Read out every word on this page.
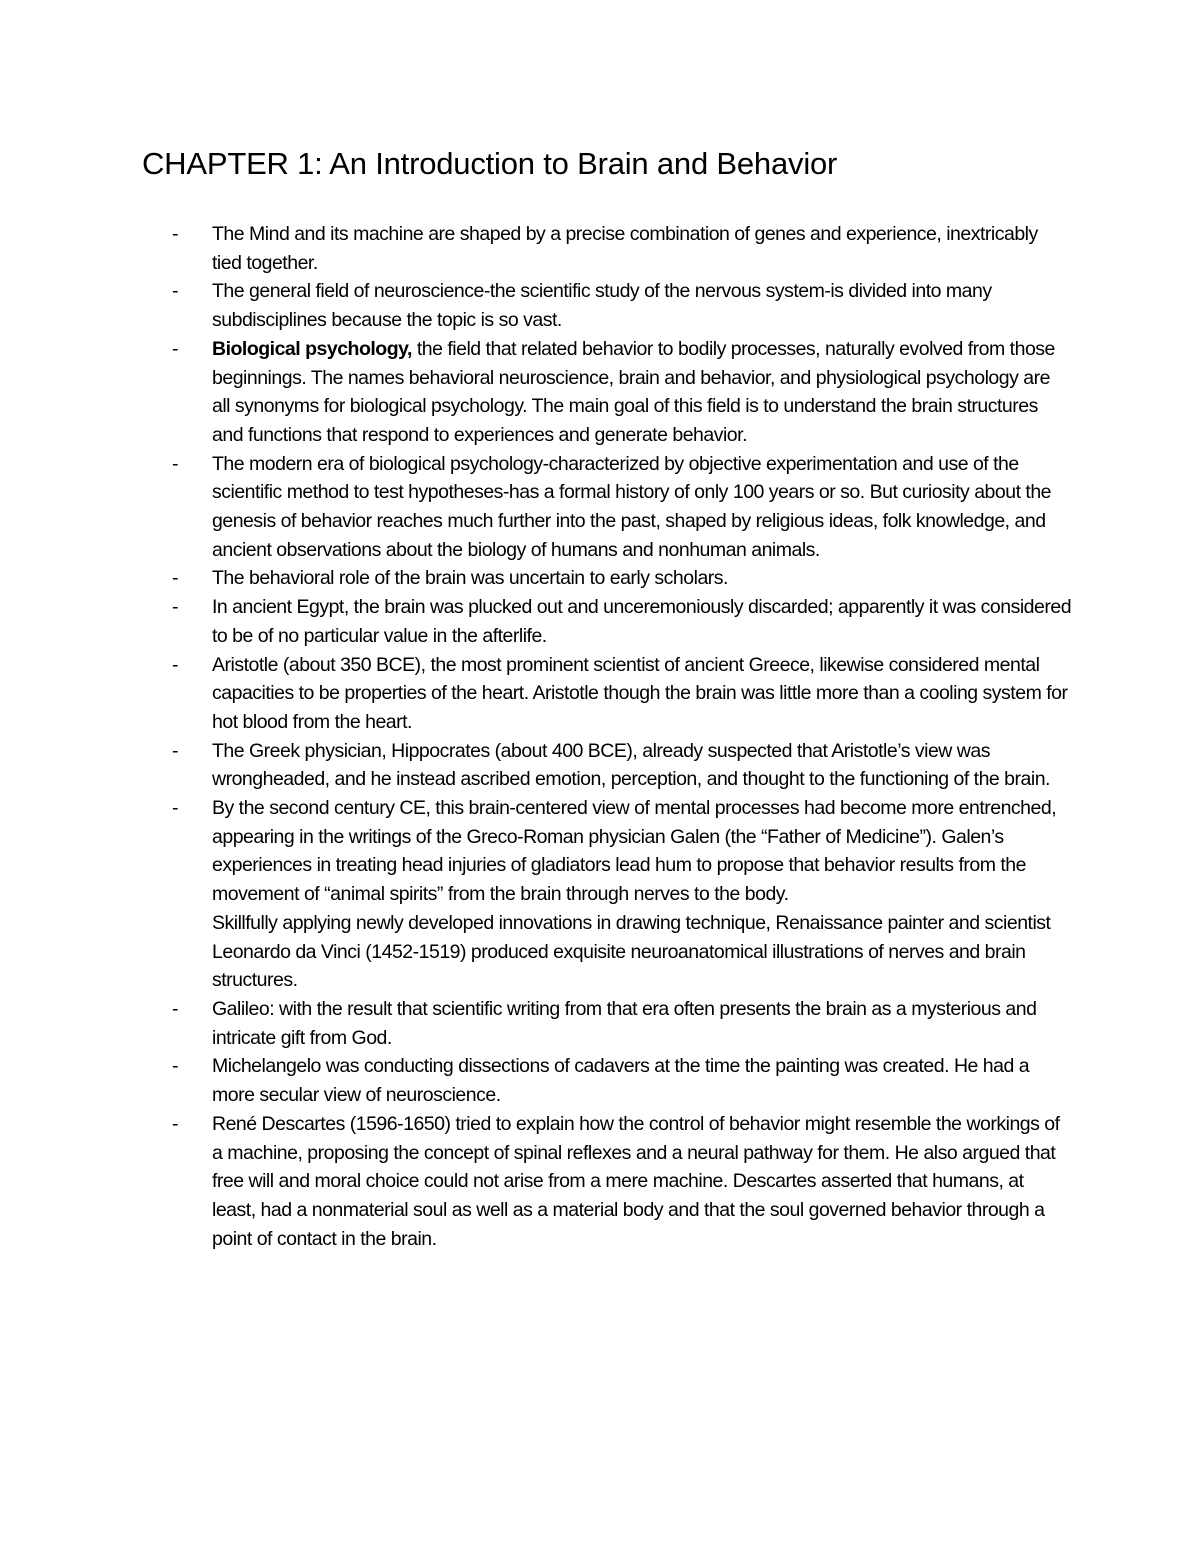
CHAPTER 1: An Introduction to Brain and Behavior
- The Mind and its machine are shaped by a precise combination of genes and experience, inextricably tied together.
- The general field of neuroscience-the scientific study of the nervous system-is divided into many subdisciplines because the topic is so vast.
- Biological psychology, the field that related behavior to bodily processes, naturally evolved from those beginnings. The names behavioral neuroscience, brain and behavior, and physiological psychology are all synonyms for biological psychology. The main goal of this field is to understand the brain structures and functions that respond to experiences and generate behavior.
- The modern era of biological psychology-characterized by objective experimentation and use of the scientific method to test hypotheses-has a formal history of only 100 years or so. But curiosity about the genesis of behavior reaches much further into the past, shaped by religious ideas, folk knowledge, and ancient observations about the biology of humans and nonhuman animals.
- The behavioral role of the brain was uncertain to early scholars.
- In ancient Egypt, the brain was plucked out and unceremoniously discarded; apparently it was considered to be of no particular value in the afterlife.
- Aristotle (about 350 BCE), the most prominent scientist of ancient Greece, likewise considered mental capacities to be properties of the heart. Aristotle though the brain was little more than a cooling system for hot blood from the heart.
- The Greek physician, Hippocrates (about 400 BCE), already suspected that Aristotle’s view was wrongheaded, and he instead ascribed emotion, perception, and thought to the functioning of the brain.
- By the second century CE, this brain-centered view of mental processes had become more entrenched, appearing in the writings of the Greco-Roman physician Galen (the “Father of Medicine”). Galen’s experiences in treating head injuries of gladiators lead hum to propose that behavior results from the movement of “animal spirits” from the brain through nerves to the body.
Skillfully applying newly developed innovations in drawing technique, Renaissance painter and scientist Leonardo da Vinci (1452-1519) produced exquisite neuroanatomical illustrations of nerves and brain structures.
- Galileo: with the result that scientific writing from that era often presents the brain as a mysterious and intricate gift from God.
- Michelangelo was conducting dissections of cadavers at the time the painting was created. He had a more secular view of neuroscience.
- René Descartes (1596-1650) tried to explain how the control of behavior might resemble the workings of a machine, proposing the concept of spinal reflexes and a neural pathway for them. He also argued that free will and moral choice could not arise from a mere machine. Descartes asserted that humans, at least, had a nonmaterial soul as well as a material body and that the soul governed behavior through a point of contact in the brain.
